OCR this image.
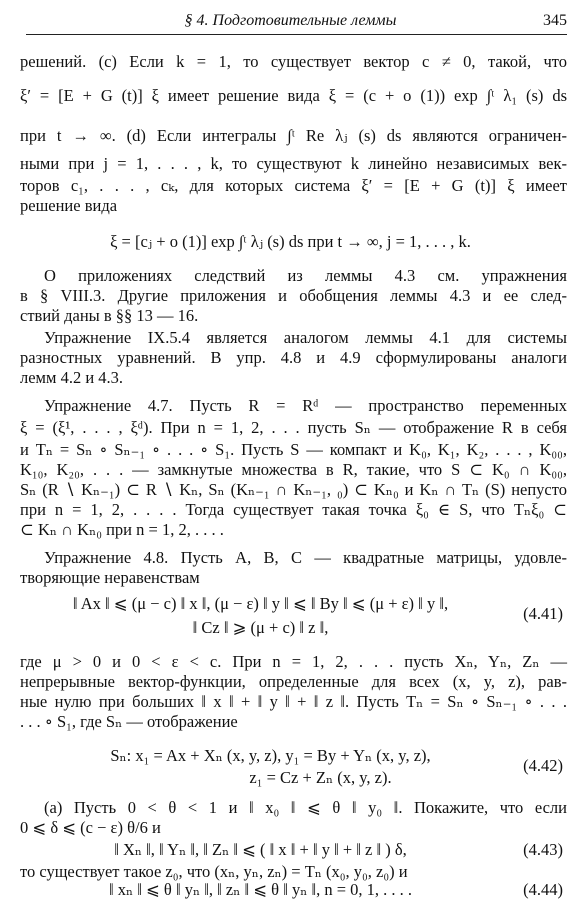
§ 4. Подготовительные леммы	345
решений. (с) Если k = 1, то существует вектор c ≠ 0, такой, что
ξ′ = [E + G (t)] ξ имеет решение вида ξ = (c + o (1)) exp ∫ᵗ λ₁ (s) ds
при t → ∞. (d) Если интегралы ∫ᵗ Re λⱼ (s) ds являются ограничен-
ными при j = 1, . . . , k, то существуют k линейно независимых век-
торов c₁, . . . , cₖ, для которых система ξ′ = [E + G (t)] ξ имеет
решение вида
ξ = [cⱼ + o (1)] exp ∫ᵗ λⱼ (s) ds при t → ∞, j = 1, . . . , k.
О приложениях следствий из леммы 4.3 см. упражнения
в § VIII.3. Другие приложения и обобщения леммы 4.3 и ее след-
ствий даны в §§ 13 — 16.
Упражнение IX.5.4 является аналогом леммы 4.1 для системы
разностных уравнений. В упр. 4.8 и 4.9 сформулированы аналоги
лемм 4.2 и 4.3.
Упражнение 4.7. Пусть R = Rᵈ — пространство переменных
ξ = (ξ¹, . . . , ξᵈ). При n = 1, 2, . . . пусть Sₙ — отображение R в себя
и Tₙ = Sₙ ∘ Sₙ₋₁ ∘ . . . ∘ S₁. Пусть S — компакт и K₀, K₁, K₂, . . . , K₀₀,
K₁₀, K₂₀, . . . — замкнутые множества в R, такие, что S ⊂ K₀ ∩ K₀₀,
Sₙ (R ∖ Kₙ₋₁) ⊂ R ∖ Kₙ, Sₙ (Kₙ₋₁ ∩ Kₙ₋₁, ₀) ⊂ Kₙ₀ и Kₙ ∩ Tₙ (S) непусто
при n = 1, 2, . . . . Тогда существует такая точка ξ₀ ∈ S, что Tₙξ₀ ⊂
⊂ Kₙ ∩ Kₙ₀ при n = 1, 2, . . . .
Упражнение 4.8. Пусть A, B, C — квадратные матрицы, удовле-
творяющие неравенствам
‖ Ax ‖ ⩽ (μ − c) ‖ x ‖, (μ − ε) ‖ y ‖ ⩽ ‖ By ‖ ⩽ (μ + ε) ‖ y ‖,
‖ Cz ‖ ⩾ (μ + c) ‖ z ‖,
(4.41)
где μ > 0 и 0 < ε < c. При n = 1, 2, . . . пусть Xₙ, Yₙ, Zₙ —
непрерывные вектор-функции, определенные для всех (x, y, z), рав-
ные нулю при больших ‖ x ‖ + ‖ y ‖ + ‖ z ‖. Пусть Tₙ = Sₙ ∘ Sₙ₋₁ ∘ . . .
. . . ∘ S₁, где Sₙ — отображение
Sₙ: x₁ = Ax + Xₙ (x, y, z), y₁ = By + Yₙ (x, y, z),
z₁ = Cz + Zₙ (x, y, z).
(4.42)
(а) Пусть 0 < θ < 1 и ‖ x₀ ‖ ⩽ θ ‖ y₀ ‖. Покажите, что если
0 ⩽ δ ⩽ (c − ε) θ/6 и
‖ Xₙ ‖, ‖ Yₙ ‖, ‖ Zₙ ‖ ⩽ ( ‖ x ‖ + ‖ y ‖ + ‖ z ‖ ) δ,	(4.43)
то существует такое z₀, что (xₙ, yₙ, zₙ) = Tₙ (x₀, y₀, z₀) и
‖ xₙ ‖ ⩽ θ ‖ yₙ ‖, ‖ zₙ ‖ ⩽ θ ‖ yₙ ‖, n = 0, 1, . . . .	(4.44)
